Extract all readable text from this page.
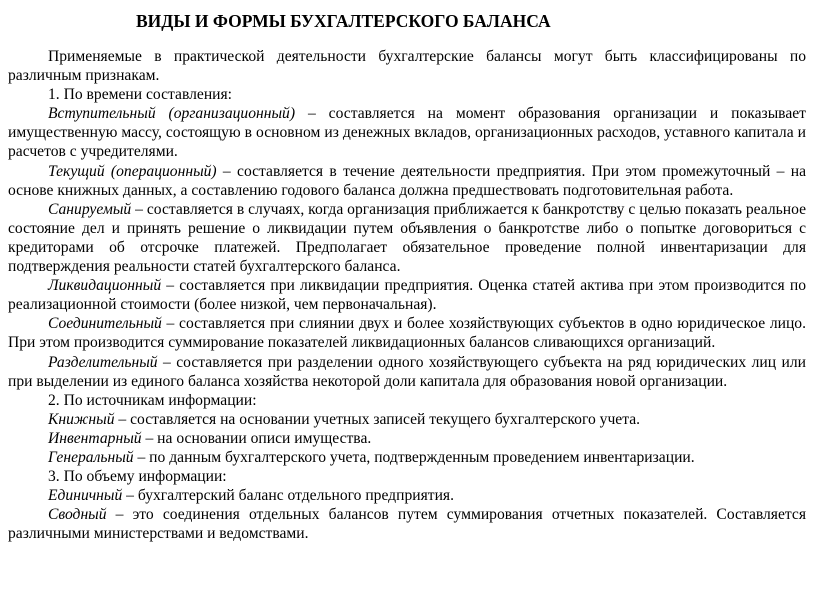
ВИДЫ И ФОРМЫ БУХГАЛТЕРСКОГО БАЛАНСА

Применяемые в практической деятельности бухгалтерские балансы могут быть классифицированы по различным признакам.

1. По времени составления:

Вступительный (организационный) – составляется на момент образования организации и показывает имущественную массу, состоящую в основном из денежных вкладов, организационных расходов, уставного капитала и расчетов с учредителями.

Текущий (операционный) – составляется в течение деятельности предприятия. При этом промежуточный – на основе книжных данных, а составлению годового баланса должна предшествовать подготовительная работа.

Санируемый – составляется в случаях, когда организация приближается к банкротству с целью показать реальное состояние дел и принять решение о ликвидации путем объявления о банкротстве либо о попытке договориться с кредиторами об отсрочке платежей. Предполагает обязательное проведение полной инвентаризации для подтверждения реальности статей бухгалтерского баланса.

Ликвидационный – составляется при ликвидации предприятия. Оценка статей актива при этом производится по реализационной стоимости (более низкой, чем первоначальная).

Соединительный – составляется при слиянии двух и более хозяйствующих субъектов в одно юридическое лицо. При этом производится суммирование показателей ликвидационных балансов сливающихся организаций.

Разделительный – составляется при разделении одного хозяйствующего субъекта на ряд юридических лиц или при выделении из единого баланса хозяйства некоторой доли капитала для образования новой организации.

2. По источникам информации:

Книжный – составляется на основании учетных записей текущего бухгалтерского учета.

Инвентарный – на основании описи имущества.

Генеральный – по данным бухгалтерского учета, подтвержденным проведением инвентаризации.

3. По объему информации:

Единичный – бухгалтерский баланс отдельного предприятия.

Сводный – это соединения отдельных балансов путем суммирования отчетных показателей. Составляется различными министерствами и ведомствами.
